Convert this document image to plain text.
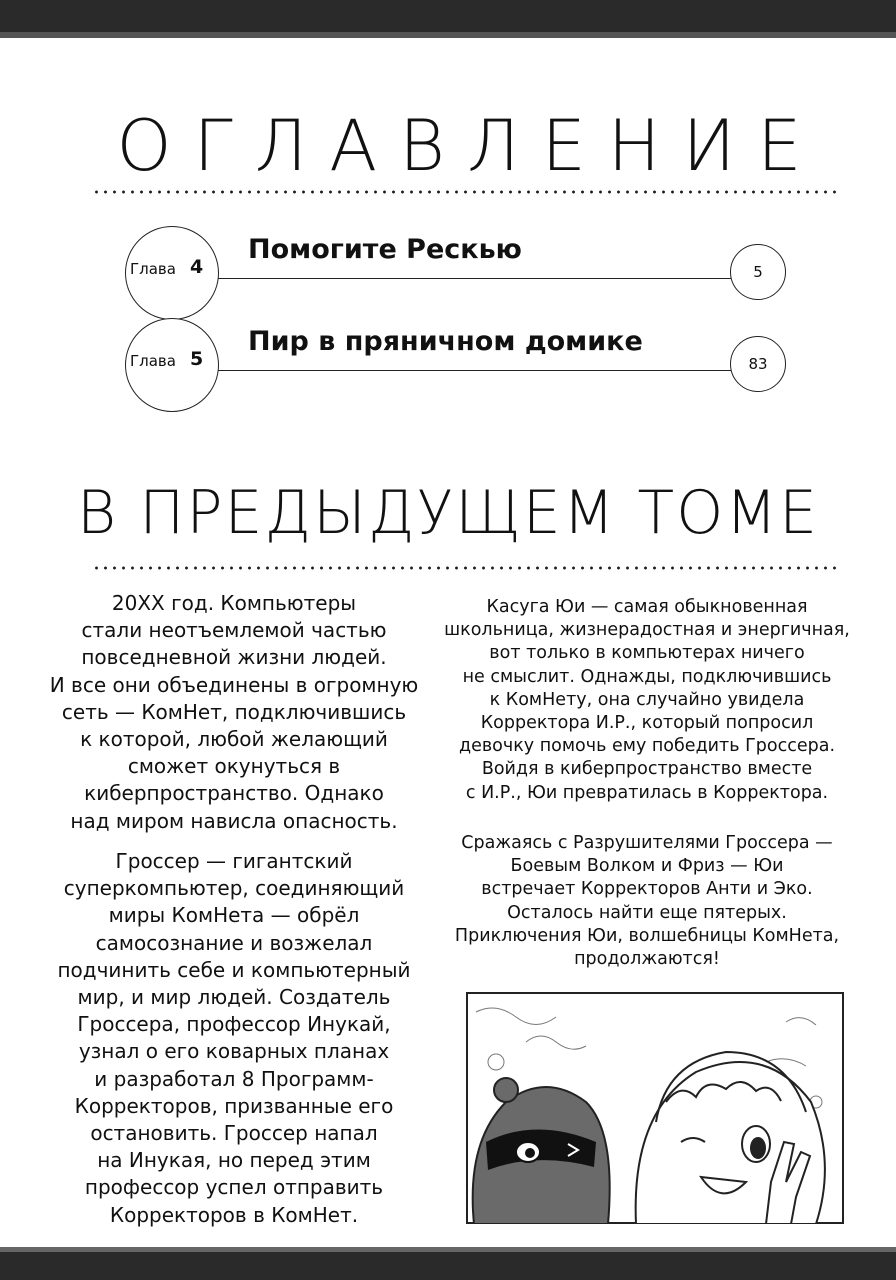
ОГЛАВЛЕНИЕ
Глава 4
Помогите Рескью
5
Глава 5
Пир в пряничном домике
83
В ПРЕДЫДУЩЕМ ТОМЕ
20XX год. Компьютеры
стали неотъемлемой частью
повседневной жизни людей.
И все они объединены в огромную
сеть — КомНет, подключившись
к которой, любой желающий
сможет окунуться в
киберпространство. Однако
над миром нависла опасность.
Гроссер — гигантский
суперкомпьютер, соединяющий
миры КомНета — обрёл
самосознание и возжелал
подчинить себе и компьютерный
мир, и мир людей. Создатель
Гроссера, профессор Инукай,
узнал о его коварных планах
и разработал 8 Программ-
Корректоров, призванные его
остановить. Гроссер напал
на Инукая, но перед этим
профессор успел отправить
Корректоров в КомНет.
Касуга Юи — самая обыкновенная
школьница, жизнерадостная и энергичная,
вот только в компьютерах ничего
не смыслит. Однажды, подключившись
к КомНету, она случайно увидела
Корректора И.Р., который попросил
девочку помочь ему победить Гроссера.
Войдя в киберпространство вместе
с И.Р., Юи превратилась в Корректора.
Сражаясь с Разрушителями Гроссера —
Боевым Волком и Фриз — Юи
встречает Корректоров Анти и Эко.
Осталось найти еще пятерых.
Приключения Юи, волшебницы КомНета,
продолжаются!
